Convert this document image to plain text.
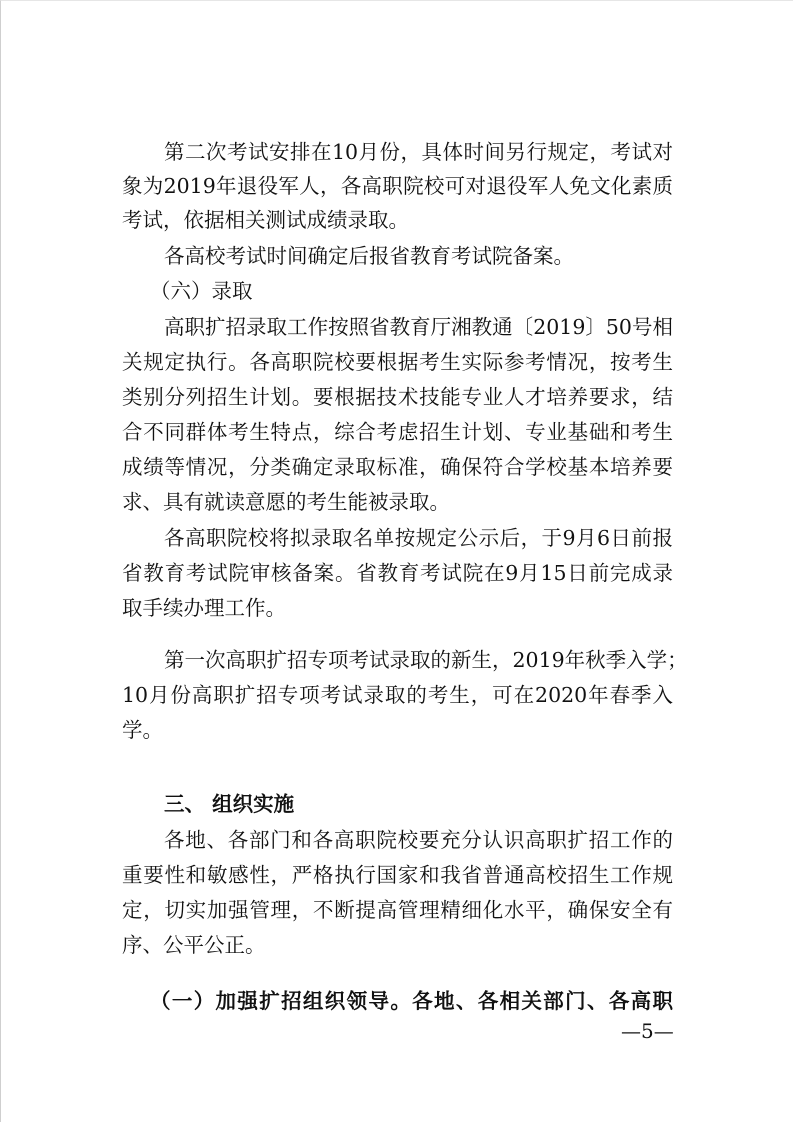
第二次考试安排在10月份，具体时间另行规定，考试对
象为2019年退役军人，各高职院校可对退役军人免文化素质
考试，依据相关测试成绩录取。
各高校考试时间确定后报省教育考试院备案。
（六）录取
高职扩招录取工作按照省教育厅湘教通〔2019〕50号相
关规定执行。各高职院校要根据考生实际参考情况，按考生
类别分列招生计划。要根据技术技能专业人才培养要求，结
合不同群体考生特点，综合考虑招生计划、专业基础和考生
成绩等情况，分类确定录取标准，确保符合学校基本培养要
求、具有就读意愿的考生能被录取。
各高职院校将拟录取名单按规定公示后，于9月6日前报
省教育考试院审核备案。省教育考试院在9月15日前完成录
取手续办理工作。
第一次高职扩招专项考试录取的新生，2019年秋季入学；
10月份高职扩招专项考试录取的考生，可在2020年春季入
学。
三、 组织实施
各地、各部门和各高职院校要充分认识高职扩招工作的
重要性和敏感性，严格执行国家和我省普通高校招生工作规
定，切实加强管理，不断提高管理精细化水平，确保安全有
序、公平公正。
（一）加强扩招组织领导。各地、各相关部门、各高职
—5—
